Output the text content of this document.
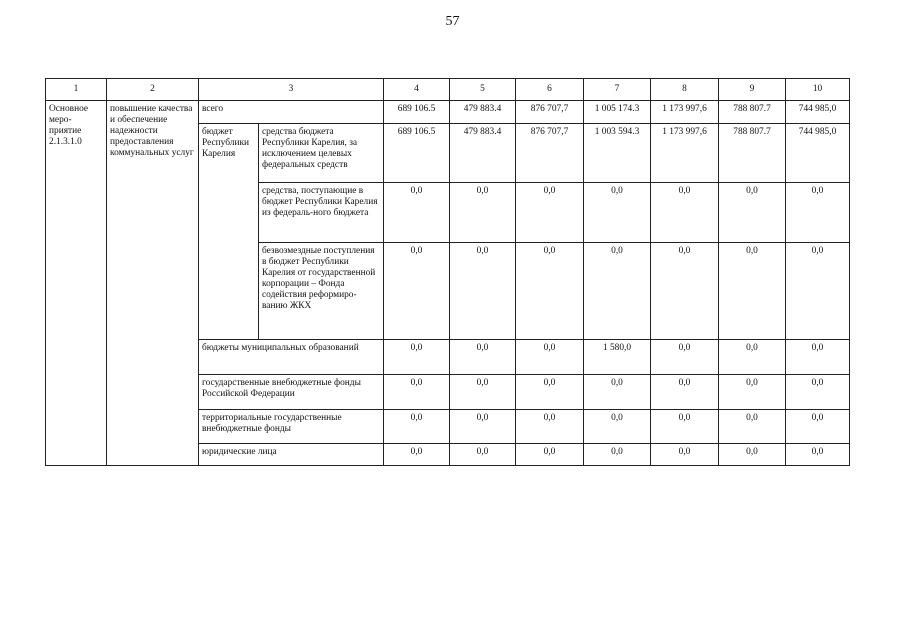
57
1	2	3		4	5	6	7	8	9	10
Основное меро-приятие 2.1.3.1.0	повышение качества и обеспечение надежности предоставления коммунальных услуг	всего		689 106.5	479 883.4	876 707,7	1 005 174.3	1 173 997,6	788 807.7	744 985,0
		бюджет Республики Карелия	средства бюджета Республики Карелия, за исключением целевых федеральных средств	689 106.5	479 883.4	876 707,7	1 003 594.3	1 173 997,6	788 807.7	744 985,0
			средства, поступающие в бюджет Республики Карелия из федераль-ного бюджета	0,0	0,0	0,0	0,0	0,0	0,0	0,0
			безвозмездные поступления в бюджет Республики Карелия от государственной корпорации – Фонда содействия реформиро-ванию ЖКХ	0,0	0,0	0,0	0,0	0,0	0,0	0,0
		бюджеты муниципальных образований		0,0	0,0	0,0	1 580,0	0,0	0,0	0,0
		государственные внебюджетные фонды Российской Федерации		0,0	0,0	0,0	0,0	0,0	0,0	0,0
		территориальные государственные внебюджетные фонды		0,0	0,0	0,0	0,0	0,0	0,0	0,0
		юридические лица		0,0	0,0	0,0	0,0	0,0	0,0	0,0
